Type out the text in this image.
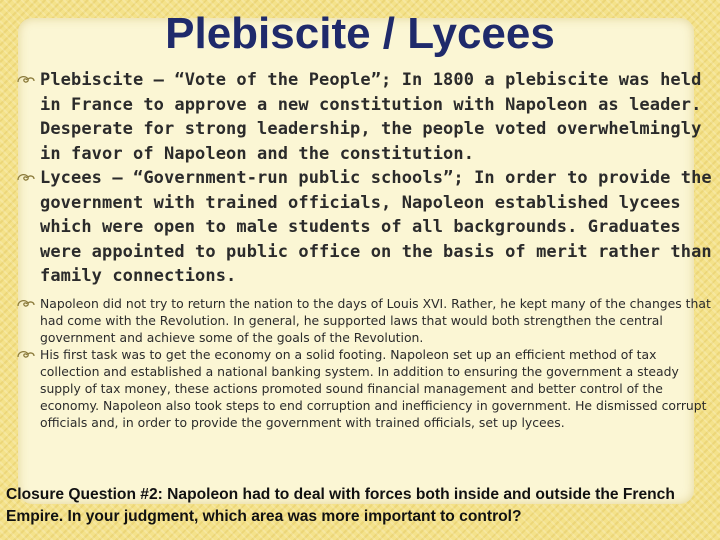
Plebiscite / Lycees
Plebiscite – “Vote of the People”; In 1800 a plebiscite was held in France to approve a new constitution with Napoleon as leader. Desperate for strong leadership, the people voted overwhelmingly in favor of Napoleon and the constitution.
Lycees – “Government-run public schools”; In order to provide the government with trained officials, Napoleon established lycees which were open to male students of all backgrounds. Graduates were appointed to public office on the basis of merit rather than family connections.
Napoleon did not try to return the nation to the days of Louis XVI. Rather, he kept many of the changes that had come with the Revolution. In general, he supported laws that would both strengthen the central government and achieve some of the goals of the Revolution.
His first task was to get the economy on a solid footing. Napoleon set up an efficient method of tax collection and established a national banking system. In addition to ensuring the government a steady supply of tax money, these actions promoted sound financial management and better control of the economy. Napoleon also took steps to end corruption and inefficiency in government. He dismissed corrupt officials and, in order to provide the government with trained officials, set up lycees.
Closure Question #2: Napoleon had to deal with forces both inside and outside the French Empire. In your judgment, which area was more important to control?
